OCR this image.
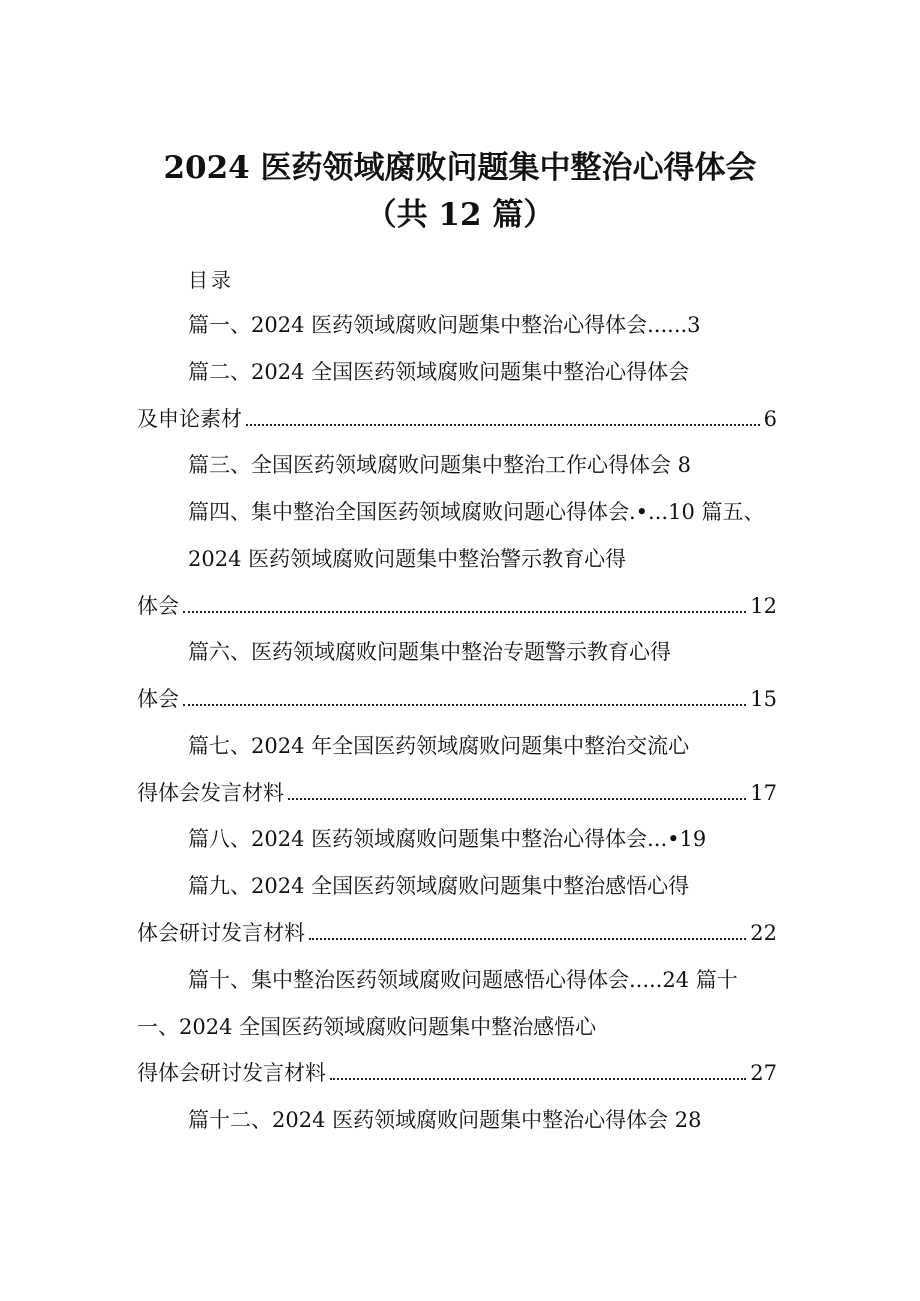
2024 医药领域腐败问题集中整治心得体会
（共 12 篇）
目录
篇一、2024 医药领域腐败问题集中整治心得体会......3
篇二、2024 全国医药领域腐败问题集中整治心得体会
及申论素材	6
篇三、全国医药领域腐败问题集中整治工作心得体会 8
篇四、集中整治全国医药领域腐败问题心得体会.•...10 篇五、
2024 医药领域腐败问题集中整治警示教育心得
体会	12
篇六、医药领域腐败问题集中整治专题警示教育心得
体会	15
篇七、2024 年全国医药领域腐败问题集中整治交流心
得体会发言材料	17
篇八、2024 医药领域腐败问题集中整治心得体会...•19
篇九、2024 全国医药领域腐败问题集中整治感悟心得
体会研讨发言材料	22
篇十、集中整治医药领域腐败问题感悟心得体会.....24 篇十
一、2024 全国医药领域腐败问题集中整治感悟心
得体会研讨发言材料	27
篇十二、2024 医药领域腐败问题集中整治心得体会 28
